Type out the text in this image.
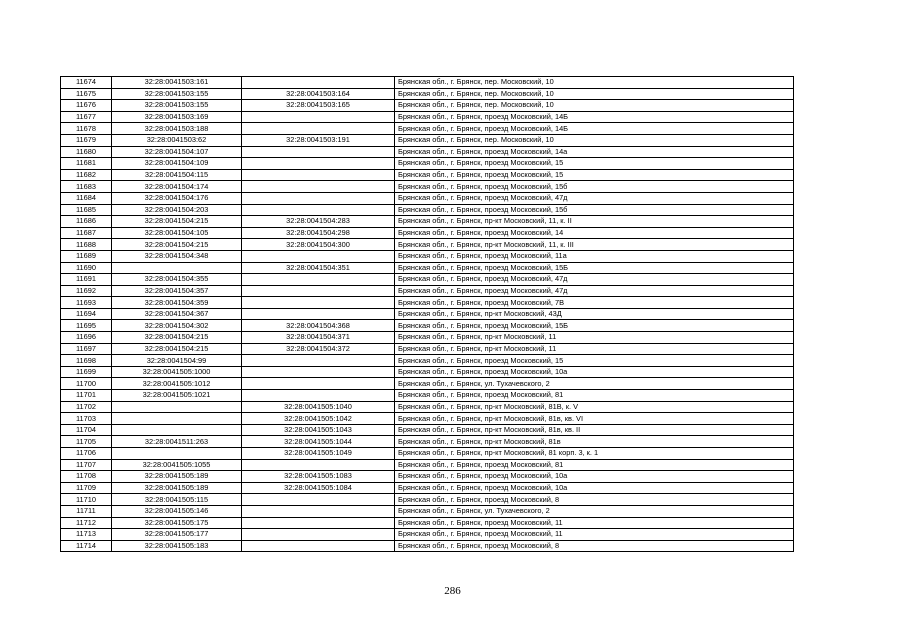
11674	32:28:0041503:161		Брянская обл., г. Брянск, пер. Московский, 10
11675	32:28:0041503:155	32:28:0041503:164	Брянская обл., г. Брянск, пер. Московский, 10
11676	32:28:0041503:155	32:28:0041503:165	Брянская обл., г. Брянск, пер. Московский, 10
11677	32:28:0041503:169		Брянская обл., г. Брянск, проезд Московский, 14Б
11678	32:28:0041503:188		Брянская обл., г. Брянск, проезд Московский, 14Б
11679	32:28:0041503:62	32:28:0041503:191	Брянская обл., г. Брянск, пер. Московский, 10
11680	32:28:0041504:107		Брянская обл., г. Брянск, проезд Московский, 14а
11681	32:28:0041504:109		Брянская обл., г. Брянск, проезд Московский, 15
11682	32:28:0041504:115		Брянская обл., г. Брянск, проезд Московский, 15
11683	32:28:0041504:174		Брянская обл., г. Брянск, проезд Московский, 15б
11684	32:28:0041504:176		Брянская обл., г. Брянск, проезд Московский, 47д
11685	32:28:0041504:203		Брянская обл., г. Брянск, проезд Московский, 15б
11686	32:28:0041504:215	32:28:0041504:283	Брянская обл., г. Брянск, пр-кт Московский, 11, к. II
11687	32:28:0041504:105	32:28:0041504:298	Брянская обл., г. Брянск, проезд Московский, 14
11688	32:28:0041504:215	32:28:0041504:300	Брянская обл., г. Брянск, пр-кт Московский, 11, к. III
11689	32:28:0041504:348		Брянская обл., г. Брянск, проезд Московский, 11а
11690		32:28:0041504:351	Брянская обл., г. Брянск, проезд Московский, 15Б
11691	32:28:0041504:355		Брянская обл., г. Брянск, проезд Московский, 47д
11692	32:28:0041504:357		Брянская обл., г. Брянск, проезд Московский, 47д
11693	32:28:0041504:359		Брянская обл., г. Брянск, проезд Московский, 7В
11694	32:28:0041504:367		Брянская обл., г. Брянск, пр-кт Московский, 43Д
11695	32:28:0041504:302	32:28:0041504:368	Брянская обл., г. Брянск, проезд Московский, 15Б
11696	32:28:0041504:215	32:28:0041504:371	Брянская обл., г. Брянск, пр-кт Московский, 11
11697	32:28:0041504:215	32:28:0041504:372	Брянская обл., г. Брянск, пр-кт Московский, 11
11698	32:28:0041504:99		Брянская обл., г. Брянск, проезд Московский, 15
11699	32:28:0041505:1000		Брянская обл., г. Брянск, проезд Московский, 10а
11700	32:28:0041505:1012		Брянская обл., г. Брянск, ул. Тухачевского, 2
11701	32:28:0041505:1021		Брянская обл., г. Брянск, проезд Московский, 81
11702		32:28:0041505:1040	Брянская обл., г. Брянск, пр-кт Московский, 81В, к. V
11703		32:28:0041505:1042	Брянская обл., г. Брянск, пр-кт Московский, 81в, кв. VI
11704		32:28:0041505:1043	Брянская обл., г. Брянск, пр-кт Московский, 81в, кв. II
11705	32:28:0041511:263	32:28:0041505:1044	Брянская обл., г. Брянск, пр-кт Московский, 81в
11706		32:28:0041505:1049	Брянская обл., г. Брянск, пр-кт Московский, 81 корп. 3, к. 1
11707	32:28:0041505:1055		Брянская обл., г. Брянск, проезд Московский, 81
11708	32:28:0041505:189	32:28:0041505:1083	Брянская обл., г. Брянск, проезд Московский, 10а
11709	32:28:0041505:189	32:28:0041505:1084	Брянская обл., г. Брянск, проезд Московский, 10а
11710	32:28:0041505:115		Брянская обл., г. Брянск, проезд Московский, 8
11711	32:28:0041505:146		Брянская обл., г. Брянск, ул. Тухачевского, 2
11712	32:28:0041505:175		Брянская обл., г. Брянск, проезд Московский, 11
11713	32:28:0041505:177		Брянская обл., г. Брянск, проезд Московский, 11
11714	32:28:0041505:183		Брянская обл., г. Брянск, проезд Московский, 8
286
